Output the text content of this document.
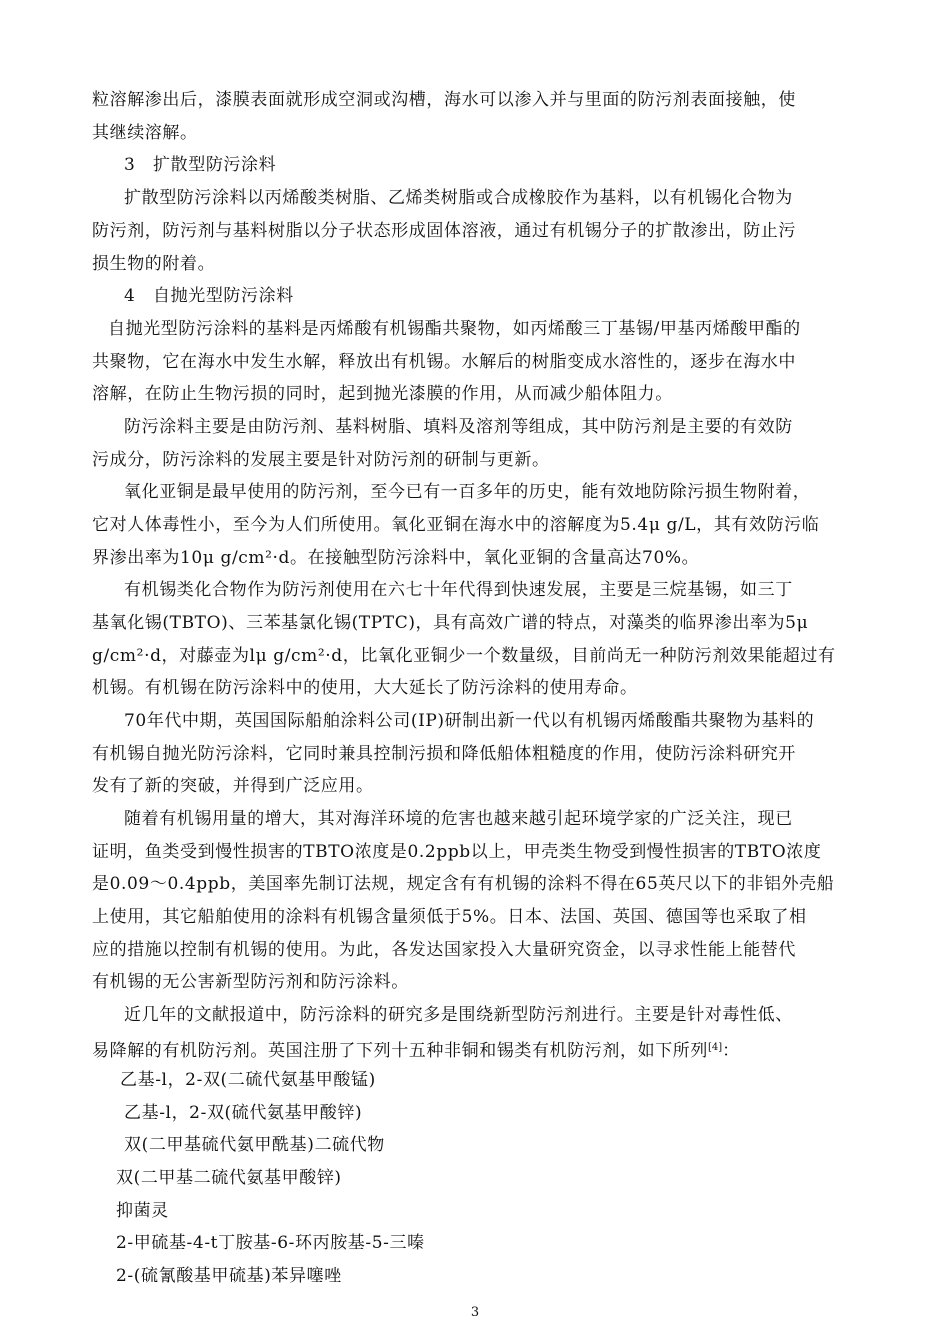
粒溶解渗出后，漆膜表面就形成空洞或沟槽，海水可以渗入并与里面的防污剂表面接触，使
其继续溶解。
3　扩散型防污涂料
扩散型防污涂料以丙烯酸类树脂、乙烯类树脂或合成橡胶作为基料，以有机锡化合物为
防污剂，防污剂与基料树脂以分子状态形成固体溶液，通过有机锡分子的扩散渗出，防止污
损生物的附着。
4　自抛光型防污涂料
自抛光型防污涂料的基料是丙烯酸有机锡酯共聚物，如丙烯酸三丁基锡/甲基丙烯酸甲酯的
共聚物，它在海水中发生水解，释放出有机锡。水解后的树脂变成水溶性的，逐步在海水中
溶解，在防止生物污损的同时，起到抛光漆膜的作用，从而减少船体阻力。
防污涂料主要是由防污剂、基料树脂、填料及溶剂等组成，其中防污剂是主要的有效防
污成分，防污涂料的发展主要是针对防污剂的研制与更新。
氧化亚铜是最早使用的防污剂，至今已有一百多年的历史，能有效地防除污损生物附着，
它对人体毒性小，至今为人们所使用。氧化亚铜在海水中的溶解度为5.4μ g/L，其有效防污临
界渗出率为10μ g/cm²·d。在接触型防污涂料中，氧化亚铜的含量高达70%。
有机锡类化合物作为防污剂使用在六七十年代得到快速发展，主要是三烷基锡，如三丁
基氧化锡(TBTO)、三苯基氯化锡(TPTC)，具有高效广谱的特点，对藻类的临界渗出率为5μ
g/cm²·d，对藤壶为lμ g/cm²·d，比氧化亚铜少一个数量级，目前尚无一种防污剂效果能超过有
机锡。有机锡在防污涂料中的使用，大大延长了防污涂料的使用寿命。
70年代中期，英国国际船舶涂料公司(IP)研制出新一代以有机锡丙烯酸酯共聚物为基料的
有机锡自抛光防污涂料，它同时兼具控制污损和降低船体粗糙度的作用，使防污涂料研究开
发有了新的突破，并得到广泛应用。
随着有机锡用量的增大，其对海洋环境的危害也越来越引起环境学家的广泛关注，现已
证明，鱼类受到慢性损害的TBTO浓度是0.2ppb以上，甲壳类生物受到慢性损害的TBTO浓度
是0.09～0.4ppb，美国率先制订法规，规定含有有机锡的涂料不得在65英尺以下的非铝外壳船
上使用，其它船舶使用的涂料有机锡含量须低于5%。日本、法国、英国、德国等也采取了相
应的措施以控制有机锡的使用。为此，各发达国家投入大量研究资金，以寻求性能上能替代
有机锡的无公害新型防污剂和防污涂料。
近几年的文献报道中，防污涂料的研究多是围绕新型防污剂进行。主要是针对毒性低、
易降解的有机防污剂。英国注册了下列十五种非铜和锡类有机防污剂，如下所列[4]：
乙基-l，2-双(二硫代氨基甲酸锰)
乙基-l，2-双(硫代氨基甲酸锌)
双(二甲基硫代氨甲酰基)二硫代物
双(二甲基二硫代氨基甲酸锌)
抑菌灵
2-甲硫基-4-t丁胺基-6-环丙胺基-5-三嗪
2-(硫氰酸基甲硫基)苯异噻唑
3
